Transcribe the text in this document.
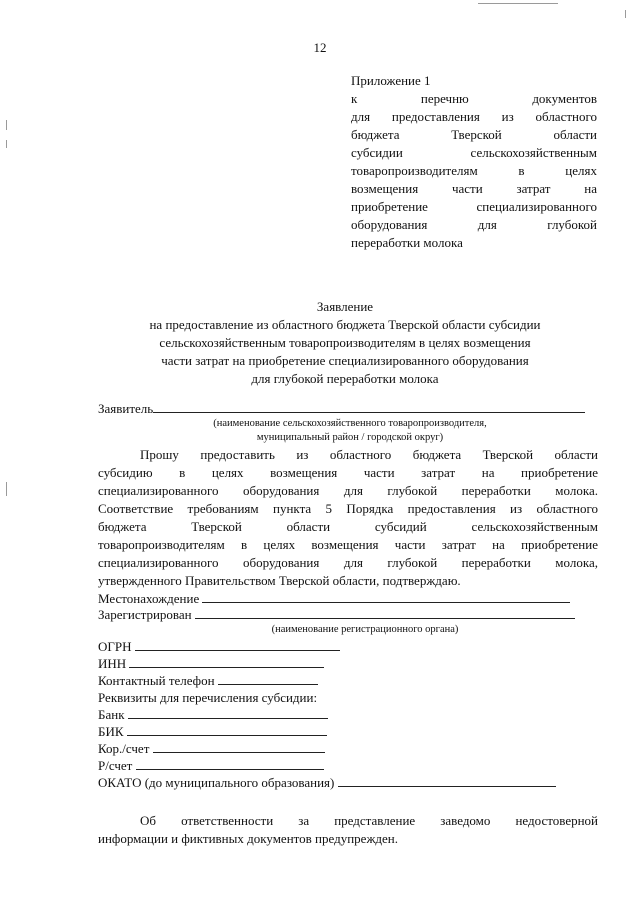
12
Приложение 1
к перечню документов
для предоставления из областного
бюджета Тверской области
субсидии сельскохозяйственным
товаропроизводителям в целях
возмещения части затрат на
приобретение специализированного
оборудования для глубокой
переработки молока
Заявление
на предоставление из областного бюджета Тверской области субсидии
сельскохозяйственным товаропроизводителям в целях возмещения
части затрат на приобретение специализированного оборудования
для глубокой переработки молока
Заявитель
(наименование сельскохозяйственного товаропроизводителя,
муниципальный район / городской округ)
Прошу предоставить из областного бюджета Тверской области
субсидию в целях возмещения части затрат на приобретение
специализированного оборудования для глубокой переработки молока.
Соответствие требованиям пункта 5 Порядка предоставления из областного
бюджета Тверской области субсидий сельскохозяйственным
товаропроизводителям в целях возмещения части затрат на приобретение
специализированного оборудования для глубокой переработки молока,
утвержденного Правительством Тверской области, подтверждаю.
Местонахождение
Зарегистрирован
(наименование регистрационного органа)
ОГРН
ИНН
Контактный телефон
Реквизиты для перечисления субсидии:
Банк
БИК
Кор./счет
Р/счет
ОКАТО (до муниципального образования)
Об ответственности за представление заведомо недостоверной
информации и фиктивных документов предупрежден.
